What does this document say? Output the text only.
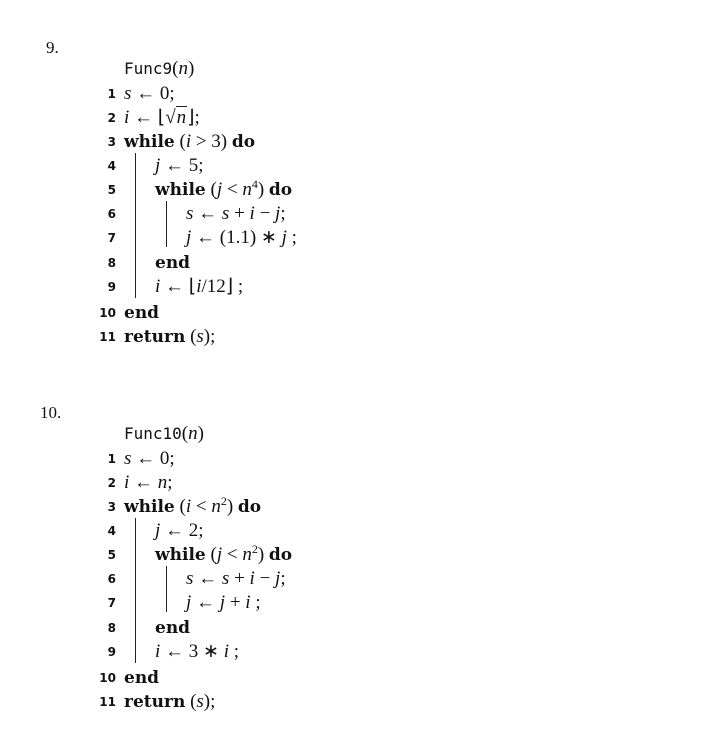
9.
Func9(n)
1 s ← 0;
2 i ← ⌊√n⌋;
3 while (i > 3) do
4 j ← 5;
5 while $(j < n^4)$ do
6	s ← s + i − j;
7	j ← (1.1) ∗ j ;
8 end
9 i ← ⌊i/12⌋ ;
10 end
11 return (s);
10.
Func10(n)
1 s ← 0;
2 i ← n;
3 while $(i < n^2)$ do
4 j ← 2;
5 while $(j < n^2)$ do
6	s ← s + i − j;
7	j ← j + i ;
8 end
9 i ← 3 ∗ i ;
10 end
11 return (s);
